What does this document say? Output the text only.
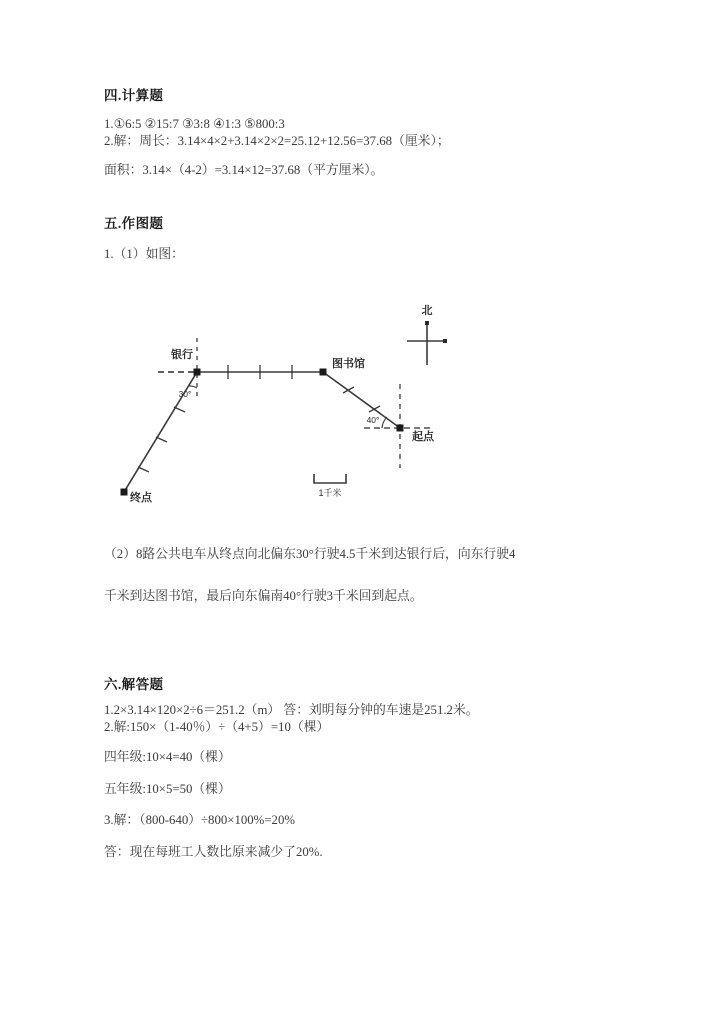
四.计算题
1.①6:5 ②15:7 ③3:8 ④1:3 ⑤800:3
2.解：周长：3.14×4×2+3.14×2×2=25.12+12.56=37.68（厘米）；
面积：3.14×（4-2）=3.14×12=37.68（平方厘米）。
五.作图题
1.（1）如图：
银行
图书馆
起点
终点
30°
40°
北
1千米
（2）8路公共电车从终点向北偏东30°行驶4.5千米到达银行后，向东行驶4
千米到达图书馆，最后向东偏南40°行驶3千米回到起点。
六.解答题
1.2×3.14×120×2÷6＝251.2（m） 答：刘明每分钟的车速是251.2米。
2.解:150×（1-40％）÷（4+5）=10（棵）
四年级:10×4=40（棵）
五年级:10×5=50（棵）
3.解：（800-640）÷800×100%=20%
答：现在每班工人数比原来减少了20%.
